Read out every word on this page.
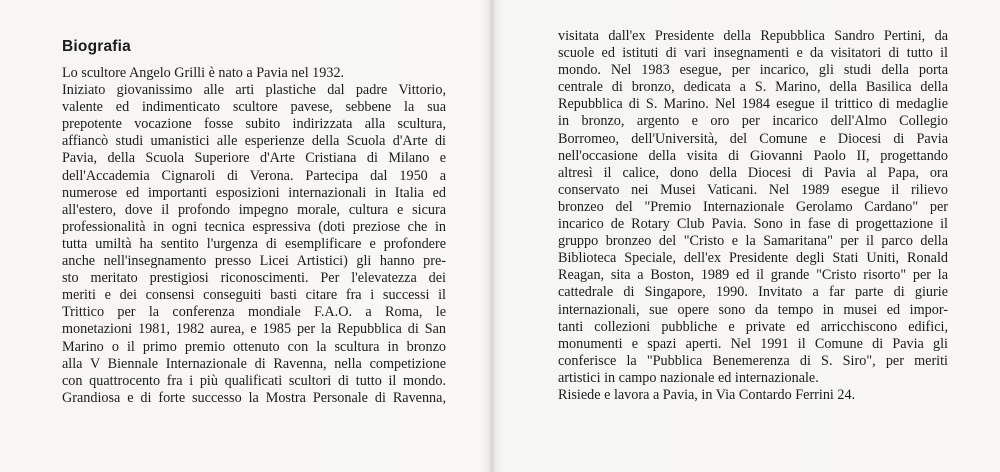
Biografia
Lo scultore Angelo Grilli è nato a Pavia nel 1932.
Iniziato giovanissimo alle arti plastiche dal padre Vittorio,
valente ed indimenticato scultore pavese, sebbene la sua
prepotente vocazione fosse subito indirizzata alla scultura,
affiancò studi umanistici alle esperienze della Scuola d'Arte di
Pavia, della Scuola Superiore d'Arte Cristiana di Milano e
dell'Accademia Cignaroli di Verona. Partecipa dal 1950 a
numerose ed importanti esposizioni internazionali in Italia ed
all'estero, dove il profondo impegno morale, cultura e sicura
professionalità in ogni tecnica espressiva (doti preziose che in
tutta umiltà ha sentito l'urgenza di esemplificare e profondere
anche nell'insegnamento presso Licei Artistici) gli hanno pre-
sto meritato prestigiosi riconoscimenti. Per l'elevatezza dei
meriti e dei consensi conseguiti basti citare fra i successi il
Trittico per la conferenza mondiale F.A.O. a Roma, le
monetazioni 1981, 1982 aurea, e 1985 per la Repubblica di San
Marino o il primo premio ottenuto con la scultura in bronzo
alla V Biennale Internazionale di Ravenna, nella competizione
con quattrocento fra i più qualificati scultori di tutto il mondo.
Grandiosa e di forte successo la Mostra Personale di Ravenna,
visitata dall'ex Presidente della Repubblica Sandro Pertini, da
scuole ed istituti di vari insegnamenti e da visitatori di tutto il
mondo. Nel 1983 esegue, per incarico, gli studi della porta
centrale di bronzo, dedicata a S. Marino, della Basilica della
Repubblica di S. Marino. Nel 1984 esegue il trittico di medaglie
in bronzo, argento e oro per incarico dell'Almo Collegio
Borromeo, dell'Università, del Comune e Diocesi di Pavia
nell'occasione della visita di Giovanni Paolo II, progettando
altresì il calice, dono della Diocesi di Pavia al Papa, ora
conservato nei Musei Vaticani. Nel 1989 esegue il rilievo
bronzeo del "Premio Internazionale Gerolamo Cardano" per
incarico de Rotary Club Pavia. Sono in fase di progettazione il
gruppo bronzeo del "Cristo e la Samaritana" per il parco della
Biblioteca Speciale, dell'ex Presidente degli Stati Uniti, Ronald
Reagan, sita a Boston, 1989 ed il grande "Cristo risorto" per la
cattedrale di Singapore, 1990. Invitato a far parte di giurie
internazionali, sue opere sono da tempo in musei ed impor-
tanti collezioni pubbliche e private ed arricchiscono edifici,
monumenti e spazi aperti. Nel 1991 il Comune di Pavia gli
conferisce la "Pubblica Benemerenza di S. Siro", per meriti
artistici in campo nazionale ed internazionale.
Risiede e lavora a Pavia, in Via Contardo Ferrini 24.
